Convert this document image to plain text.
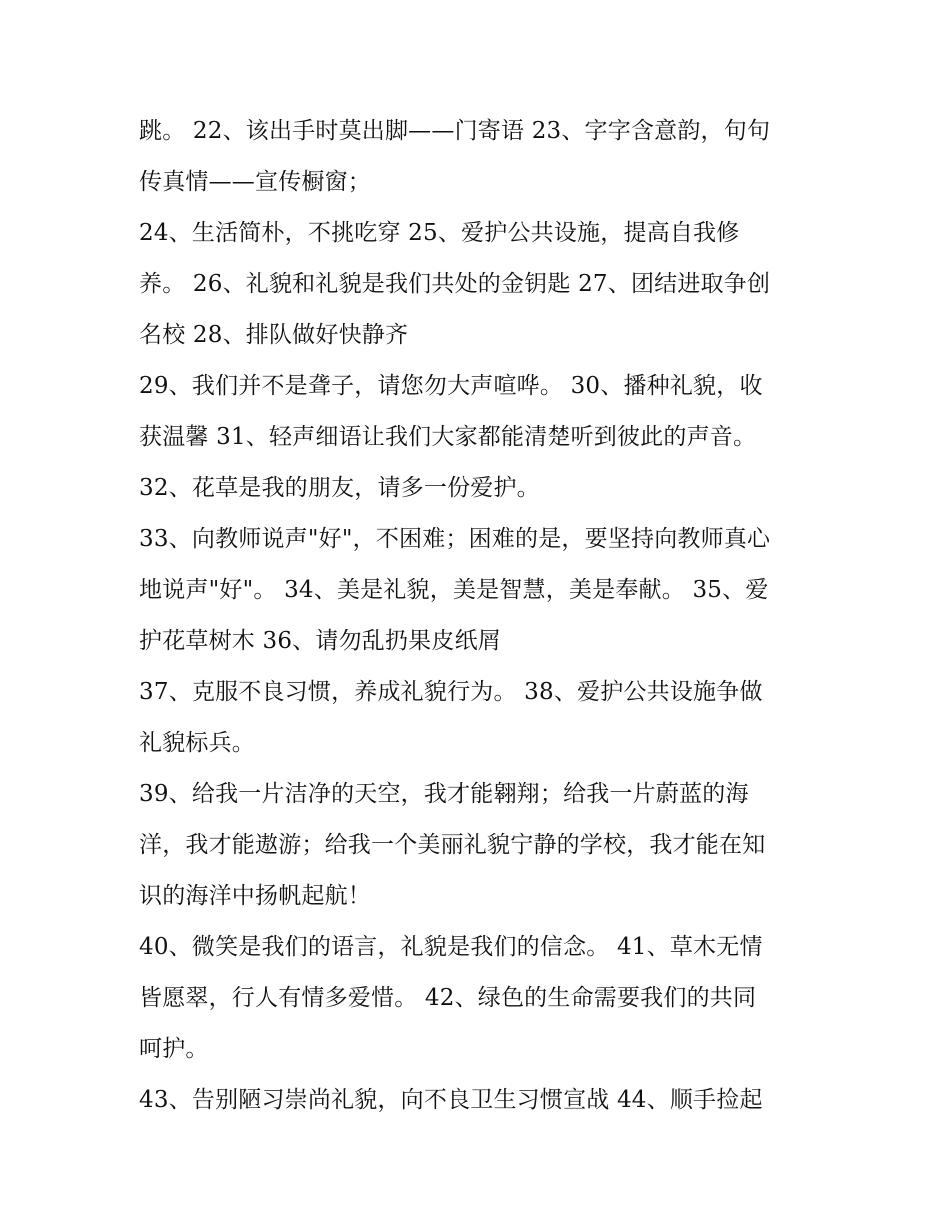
跳。 22、该出手时莫出脚——门寄语 23、字字含意韵，句句
传真情——宣传橱窗；
24、生活简朴，不挑吃穿 25、爱护公共设施，提高自我修
养。 26、礼貌和礼貌是我们共处的金钥匙 27、团结进取争创
名校 28、排队做好快静齐
29、我们并不是聋子，请您勿大声喧哗。 30、播种礼貌，收
获温馨 31、轻声细语让我们大家都能清楚听到彼此的声音。
32、花草是我的朋友，请多一份爱护。
33、向教师说声"好"，不困难；困难的是，要坚持向教师真心
地说声"好"。 34、美是礼貌，美是智慧，美是奉献。 35、爱
护花草树木 36、请勿乱扔果皮纸屑
37、克服不良习惯，养成礼貌行为。 38、爱护公共设施争做
礼貌标兵。
39、给我一片洁净的天空，我才能翱翔；给我一片蔚蓝的海
洋，我才能遨游；给我一个美丽礼貌宁静的学校，我才能在知
识的海洋中扬帆起航！
40、微笑是我们的语言，礼貌是我们的信念。 41、草木无情
皆愿翠，行人有情多爱惜。 42、绿色的生命需要我们的共同
呵护。
43、告别陋习崇尚礼貌，向不良卫生习惯宣战 44、顺手捡起
